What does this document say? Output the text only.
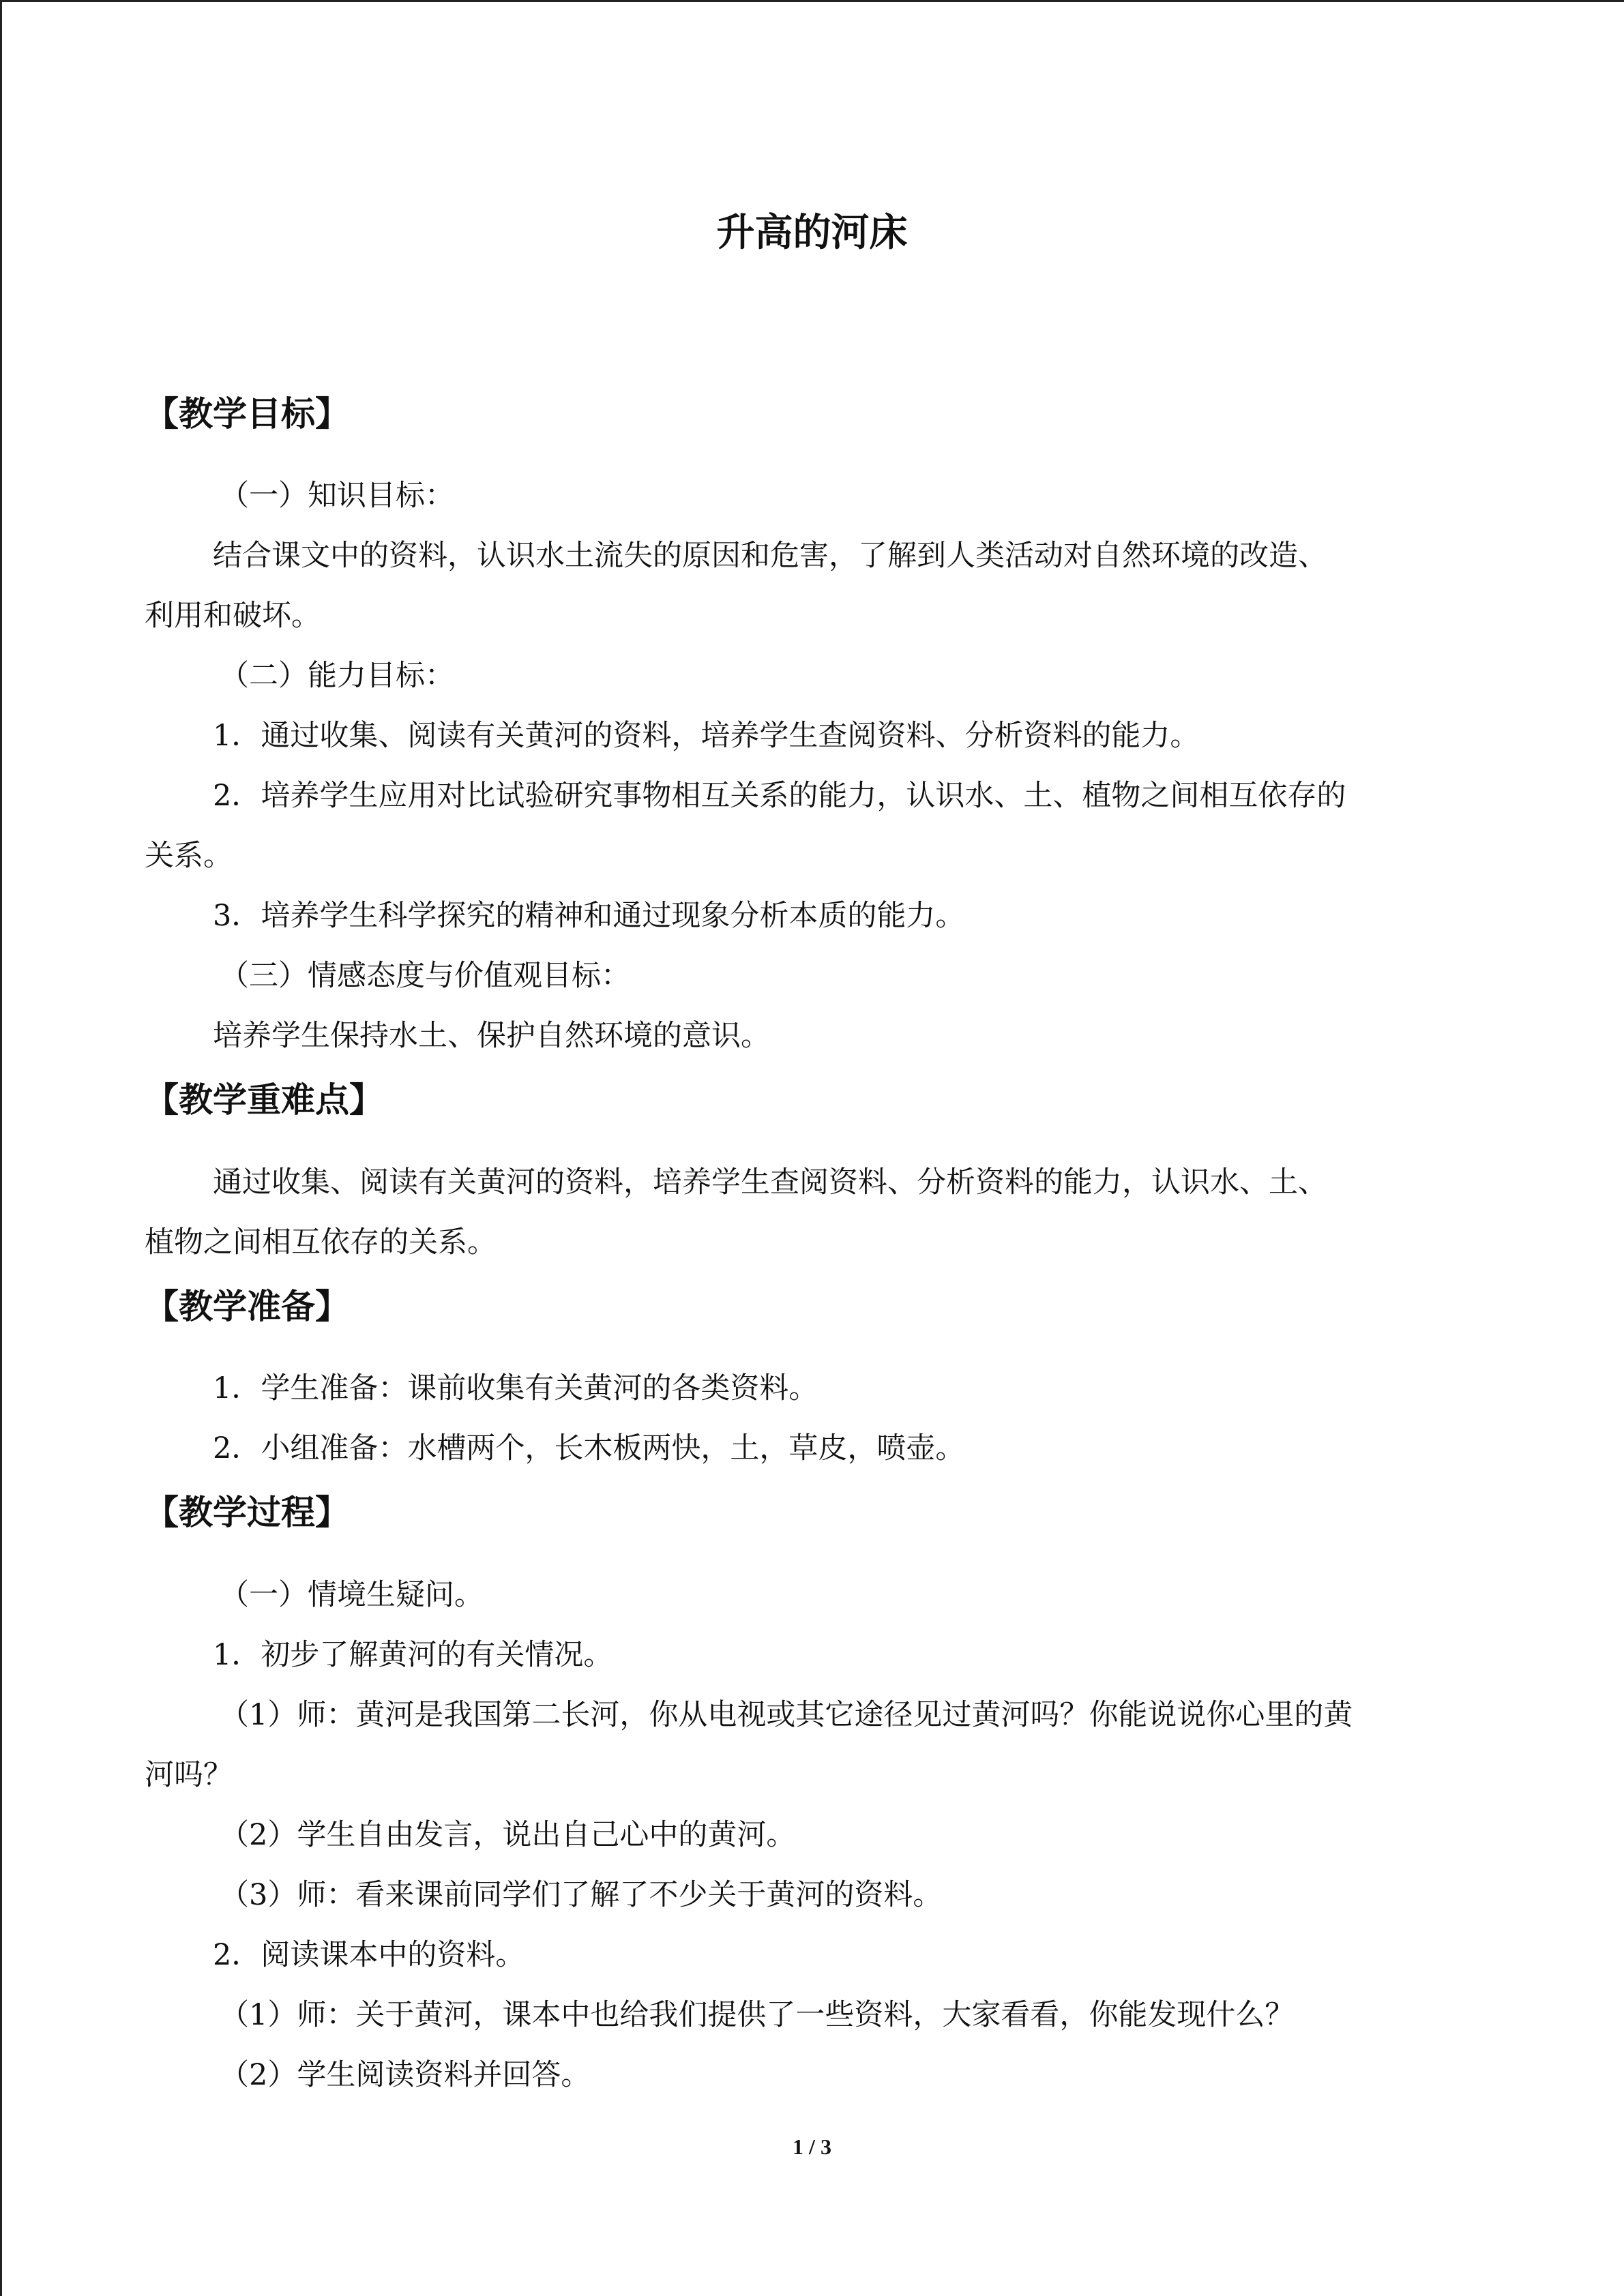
升高的河床
【教学目标】
（一）知识目标：
结合课文中的资料，认识水土流失的原因和危害，了解到人类活动对自然环境的改造、
利用和破坏。
（二）能力目标：
1．通过收集、阅读有关黄河的资料，培养学生查阅资料、分析资料的能力。
2．培养学生应用对比试验研究事物相互关系的能力，认识水、土、植物之间相互依存的
关系。
3．培养学生科学探究的精神和通过现象分析本质的能力。
（三）情感态度与价值观目标：
培养学生保持水土、保护自然环境的意识。
【教学重难点】
通过收集、阅读有关黄河的资料，培养学生查阅资料、分析资料的能力，认识水、土、
植物之间相互依存的关系。
【教学准备】
1．学生准备：课前收集有关黄河的各类资料。
2．小组准备：水槽两个，长木板两快，土，草皮，喷壶。
【教学过程】
（一）情境生疑问。
1．初步了解黄河的有关情况。
（1）师：黄河是我国第二长河，你从电视或其它途径见过黄河吗？你能说说你心里的黄
河吗？
（2）学生自由发言，说出自己心中的黄河。
（3）师：看来课前同学们了解了不少关于黄河的资料。
2．阅读课本中的资料。
（1）师：关于黄河，课本中也给我们提供了一些资料，大家看看，你能发现什么？
（2）学生阅读资料并回答。
1 / 3
